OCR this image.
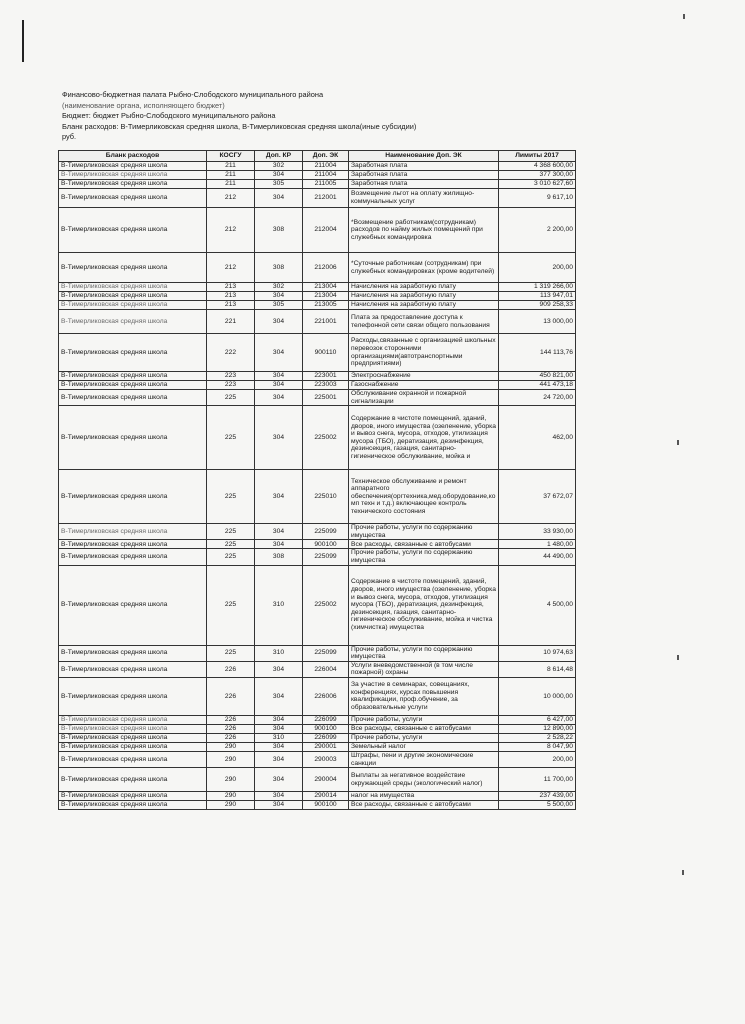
Финансово-бюджетная палата Рыбно-Слободского муниципального района
(наименование органа, исполняющего бюджет)
Бюджет: бюджет Рыбно-Слободского муниципального района
Бланк расходов: В-Тимерликовская средняя школа, В-Тимерликовская средняя школа(иные субсидии)
руб.
Бланк расходов	КОСГУ	Доп. КР	Доп. ЭК	Наименование Доп. ЭК	Лимиты 2017
В-Тимерликовская средняя школа	211	302	211004	Заработная плата	4 368 600,00
В-Тимерликовская средняя школа	211	304	211004	Заработная плата	377 300,00
В-Тимерликовская средняя школа	211	305	211005	Заработная плата	3 010 627,60
В-Тимерликовская средняя школа	212	304	212001	Возмещение льгот на оплату жилищно-коммунальных услуг	9 617,10
В-Тимерликовская средняя школа	212	308	212004	*Возмещение работникам(сотрудникам) расходов по найму жилых помещений при служебных командировка	2 200,00
В-Тимерликовская средняя школа	212	308	212006	*Суточные работникам (сотрудникам) при служебных командировках (кроме водителей)	200,00
В-Тимерликовская средняя школа	213	302	213004	Начисления на заработную плату	1 319 266,00
В-Тимерликовская средняя школа	213	304	213004	Начисления на заработную плату	113 947,01
В-Тимерликовская средняя школа	213	305	213005	Начисления на заработную плату	909 258,33
В-Тимерликовская средняя школа	221	304	221001	Плата за предоставление доступа к телефонной сети связи общего пользования	13 000,00
В-Тимерликовская средняя школа	222	304	900110	Расходы,связанные с организацией школьных перевозок сторонними организациями(автотранспортными предприятиями)	144 113,76
В-Тимерликовская средняя школа	223	304	223001	Электроснабжение	450 821,00
В-Тимерликовская средняя школа	223	304	223003	Газоснабжение	441 473,18
В-Тимерликовская средняя школа	225	304	225001	Обслуживание охранной и пожарной сигнализации	24 720,00
В-Тимерликовская средняя школа	225	304	225002	Содержание в чистоте помещений, зданий, дворов, иного имущества (озеленение, уборка и вывоз снега, мусора, отходов, утилизация мусора (ТБО), дератизация, дезинфекция, дезинсекция, газация, санитарно-гигиеническое обслуживание, мойка и	462,00
В-Тимерликовская средняя школа	225	304	225010	Техническое обслуживание и ремонт аппаратного обеспечения(оргтехника,мед.оборудование,комп техн и т.д.) включающее контроль технического состояния	37 672,07
В-Тимерликовская средняя школа	225	304	225099	Прочие работы, услуги по содержанию имущества	33 930,00
В-Тимерликовская средняя школа	225	304	900100	Все расходы, связанные с автобусами	1 480,00
В-Тимерликовская средняя школа	225	308	225099	Прочие работы, услуги по содержанию имущества	44 490,00
В-Тимерликовская средняя школа	225	310	225002	Содержание в чистоте помещений, зданий, дворов, иного имущества (озеленение, уборка и вывоз снега, мусора, отходов, утилизация мусора (ТБО), дератизация, дезинфекция, дезинсекция, газация, санитарно-гигиеническое обслуживание, мойка и чистка (химчистка) имущества	4 500,00
В-Тимерликовская средняя школа	225	310	225099	Прочие работы, услуги по содержанию имущества	10 974,63
В-Тимерликовская средняя школа	226	304	226004	Услуги вневедомственной (в том числе пожарной) охраны	8 614,48
В-Тимерликовская средняя школа	226	304	226006	За участие в семинарах, совещаниях, конференциях, курсах повышения квалификации, проф.обучение, за образовательные услуги	10 000,00
В-Тимерликовская средняя школа	226	304	226099	Прочие работы, услуги	6 427,00
В-Тимерликовская средняя школа	226	304	900100	Все расходы, связанные с автобусами	12 890,00
В-Тимерликовская средняя школа	226	310	226099	Прочие работы, услуги	2 528,22
В-Тимерликовская средняя школа	290	304	290001	Земельный налог	8 047,90
В-Тимерликовская средняя школа	290	304	290003	Штрафы, пени и другие экономические санкции	200,00
В-Тимерликовская средняя школа	290	304	290004	Выплаты за негативное воздействие окружающей среды (экологический налог)	11 700,00
В-Тимерликовская средняя школа	290	304	290014	налог на имущества	237 439,00
В-Тимерликовская средняя школа	290	304	900100	Все расходы, связанные с автобусами	5 500,00
